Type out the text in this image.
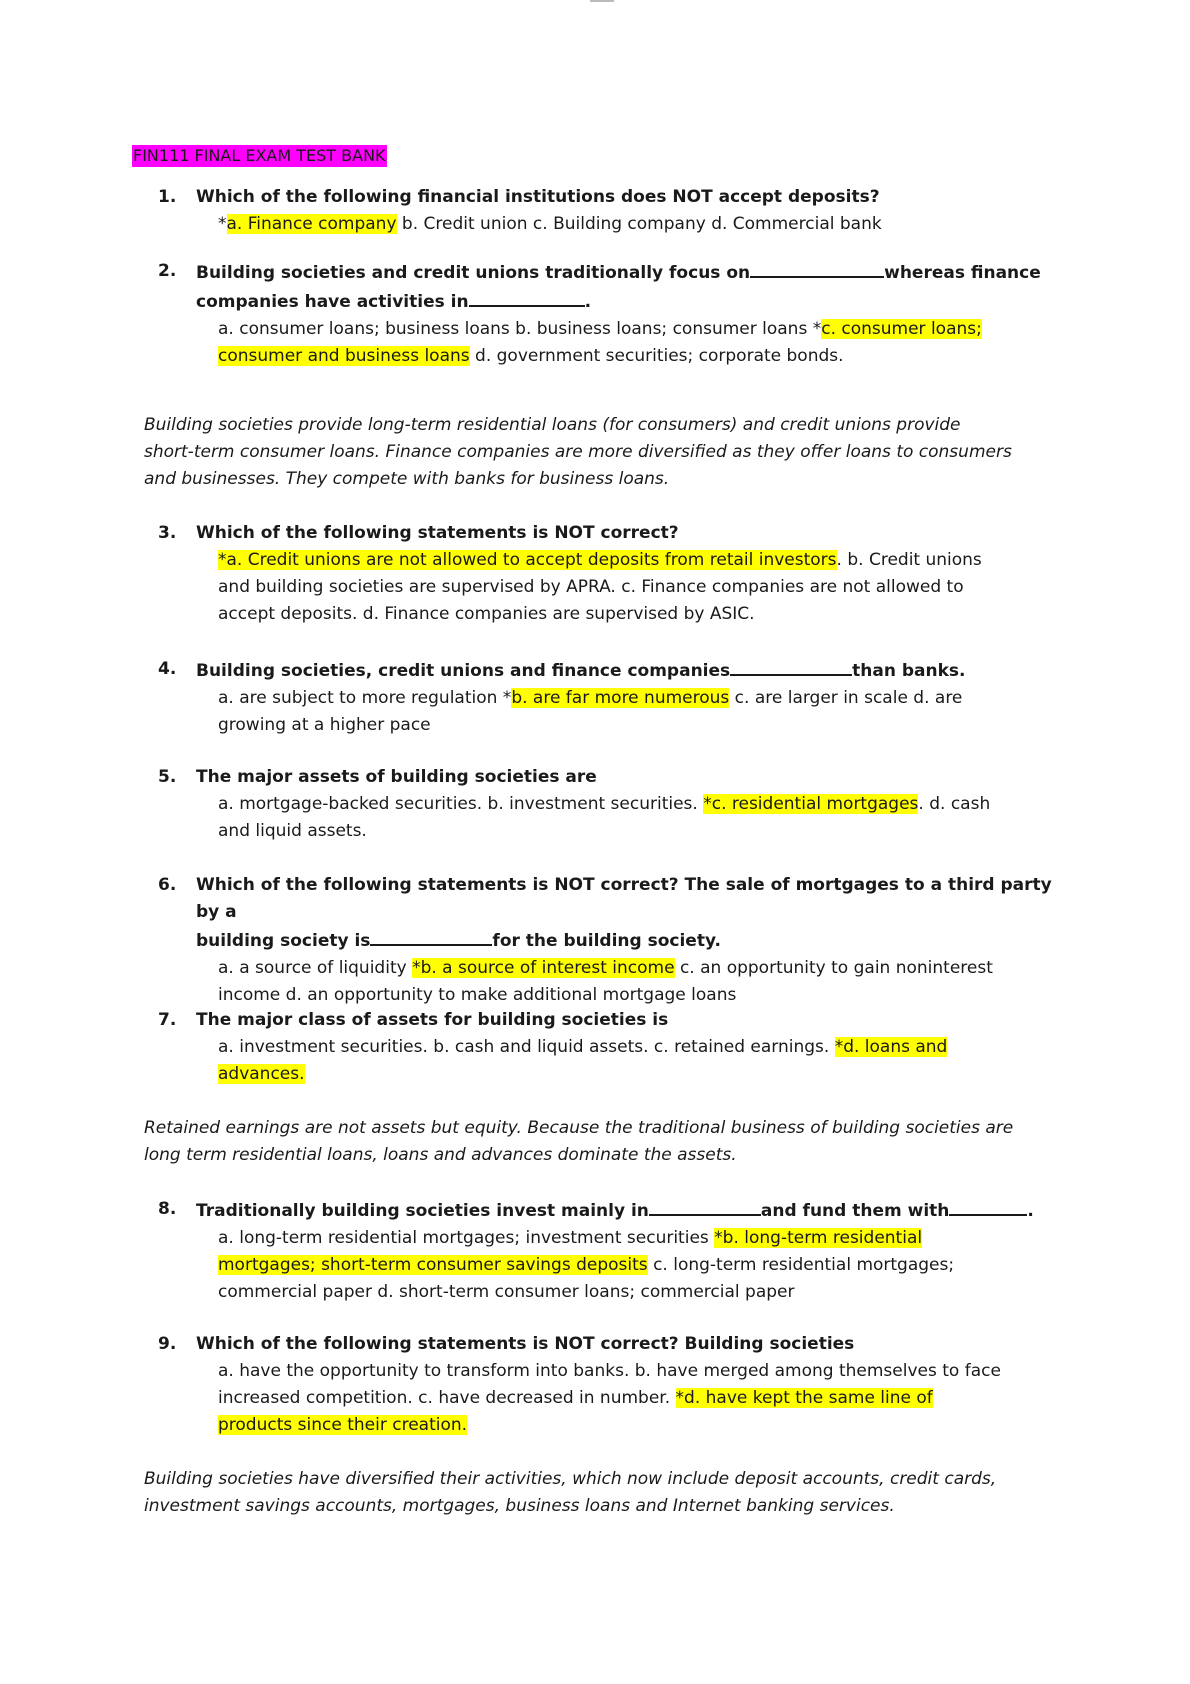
FIN111 FINAL EXAM TEST BANK
1. Which of the following financial institutions does NOT accept deposits?
*a. Finance company b. Credit union c. Building company d. Commercial bank
2. Building societies and credit unions traditionally focus on	whereas finance
companies have activities in	.
a. consumer loans; business loans b. business loans; consumer loans *c. consumer loans;
consumer and business loans d. government securities; corporate bonds.
Building societies provide long-term residential loans (for consumers) and credit unions provide
short-term consumer loans. Finance companies are more diversified as they offer loans to consumers
and businesses. They compete with banks for business loans.
3. Which of the following statements is NOT correct?
*a. Credit unions are not allowed to accept deposits from retail investors. b. Credit unions
and building societies are supervised by APRA. c. Finance companies are not allowed to
accept deposits. d. Finance companies are supervised by ASIC.
4. Building societies, credit unions and finance companies	than banks.
a. are subject to more regulation *b. are far more numerous c. are larger in scale d. are
growing at a higher pace
5. The major assets of building societies are
a. mortgage-backed securities. b. investment securities. *c. residential mortgages. d. cash
and liquid assets.
6. Which of the following statements is NOT correct? The sale of mortgages to a third party by a
building society is	for the building society.
a. a source of liquidity *b. a source of interest income c. an opportunity to gain noninterest
income d. an opportunity to make additional mortgage loans
7. The major class of assets for building societies is
a. investment securities. b. cash and liquid assets. c. retained earnings. *d. loans and
advances.
Retained earnings are not assets but equity. Because the traditional business of building societies are
long term residential loans, loans and advances dominate the assets.
8. Traditionally building societies invest mainly in	and fund them with	.
a. long-term residential mortgages; investment securities *b. long-term residential
mortgages; short-term consumer savings deposits c. long-term residential mortgages;
commercial paper d. short-term consumer loans; commercial paper
9. Which of the following statements is NOT correct? Building societies
a. have the opportunity to transform into banks. b. have merged among themselves to face
increased competition. c. have decreased in number. *d. have kept the same line of
products since their creation.
Building societies have diversified their activities, which now include deposit accounts, credit cards,
investment savings accounts, mortgages, business loans and Internet banking services.
